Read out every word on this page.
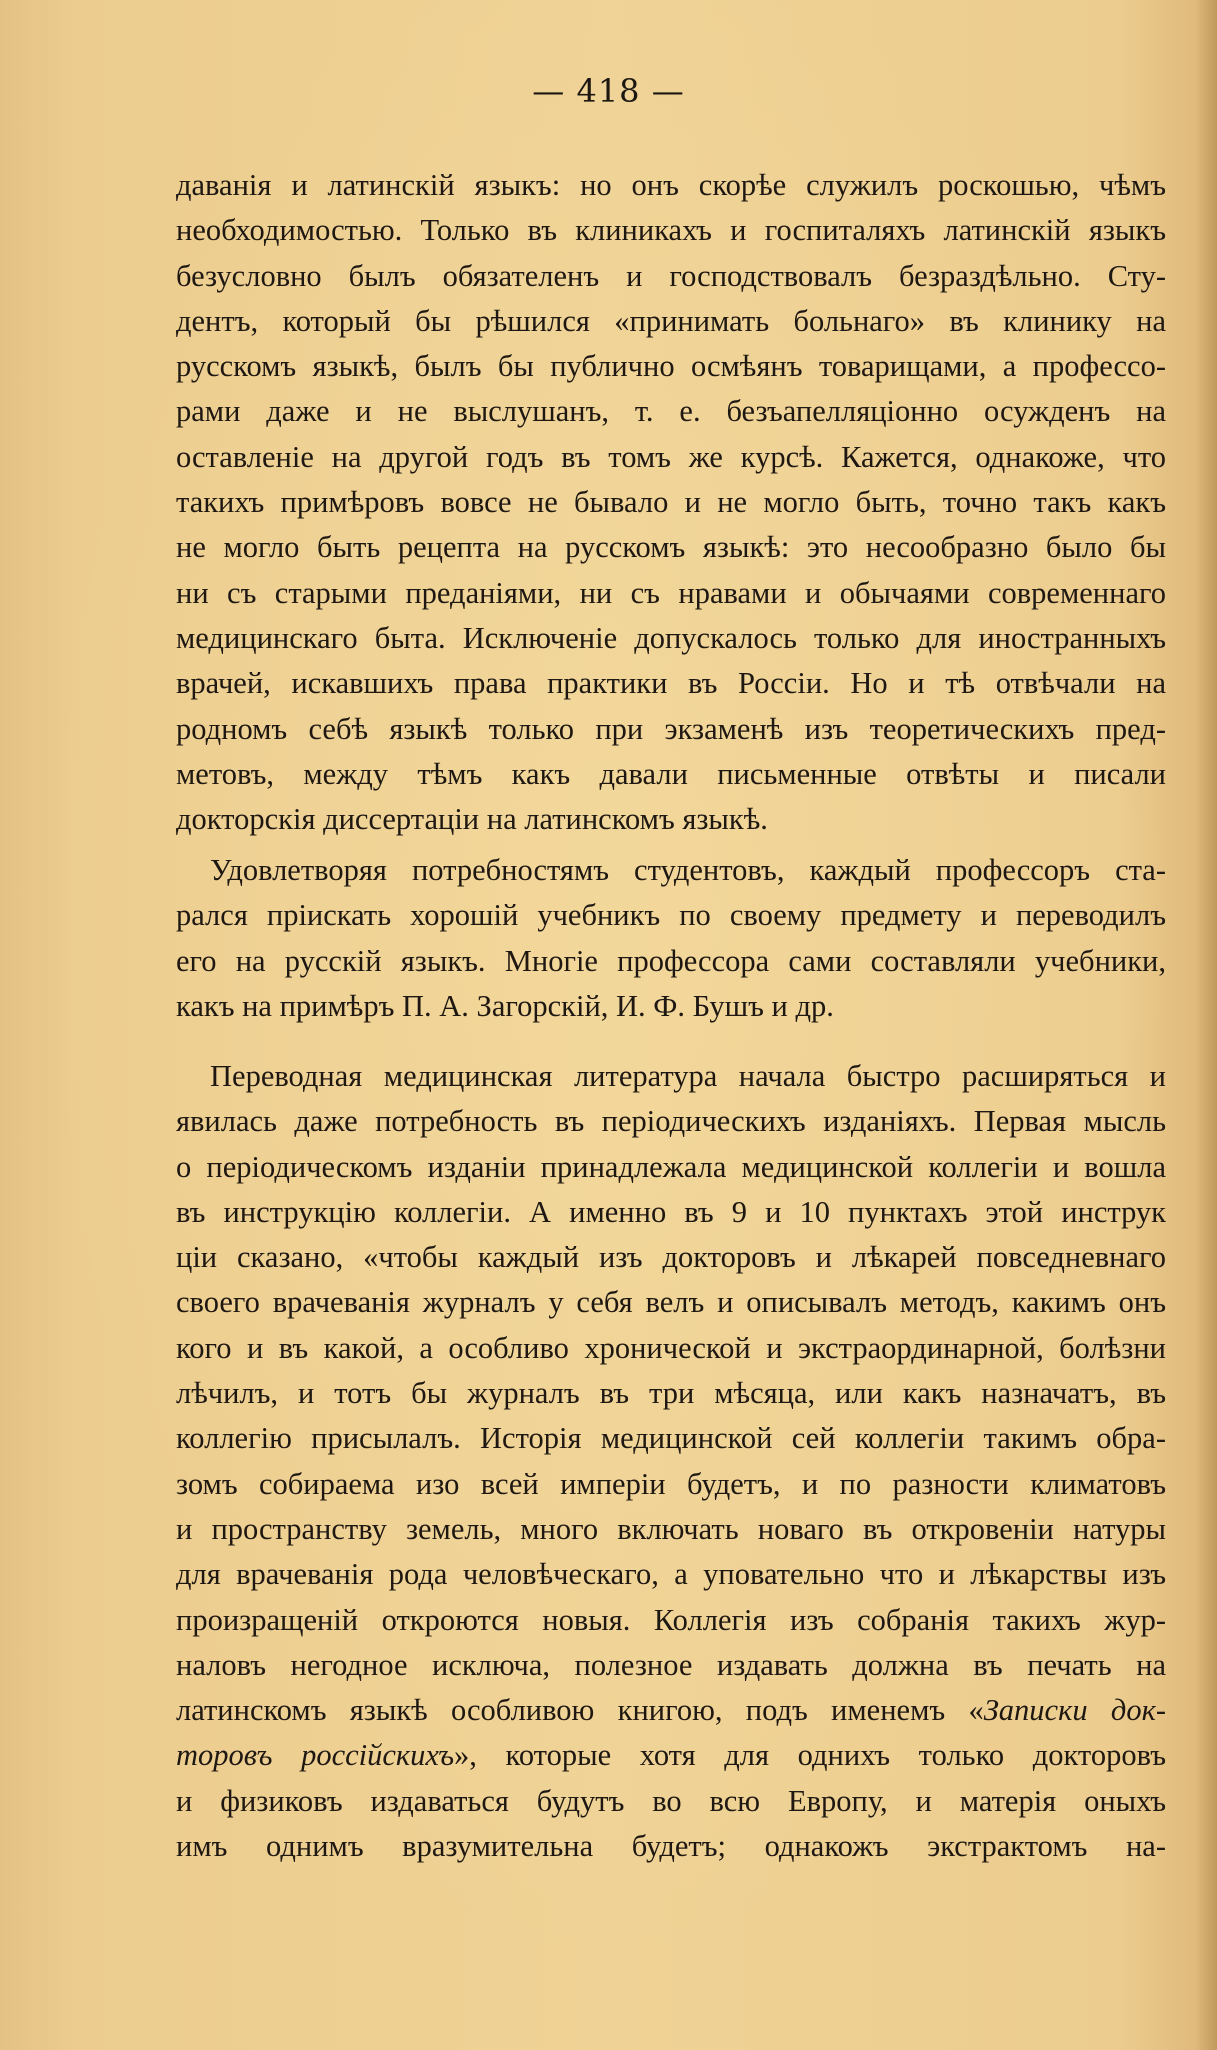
— 418 —
даванія и латинскій языкъ: но онъ скорѣе служилъ роскошью, чѣмъ
необходимостью. Только въ клиникахъ и госпиталяхъ латинскій языкъ
безусловно былъ обязателенъ и господствовалъ безраздѣльно. Сту-
дентъ, который бы рѣшился «принимать больнаго» въ клинику на
русскомъ языкѣ, былъ бы публично осмѣянъ товарищами, а профессо-
рами даже и не выслушанъ, т. е. безъапелляціонно осужденъ на
оставленіе на другой годъ въ томъ же курсѣ. Кажется, однакоже, что
такихъ примѣровъ вовсе не бывало и не могло быть, точно такъ какъ
не могло быть рецепта на русскомъ языкѣ: это несообразно было бы
ни съ старыми преданіями, ни съ нравами и обычаями современнаго
медицинскаго быта. Исключеніе допускалось только для иностранныхъ
врачей, искавшихъ права практики въ Россіи. Но и тѣ отвѣчали на
родномъ себѣ языкѣ только при экзаменѣ изъ теоретическихъ пред-
метовъ, между тѣмъ какъ давали письменные отвѣты и писали
докторскія диссертаціи на латинскомъ языкѣ.
Удовлетворяя потребностямъ студентовъ, каждый профессоръ ста-
рался пріискать хорошій учебникъ по своему предмету и переводилъ
его на русскій языкъ. Многіе профессора сами составляли учебники,
какъ на примѣръ П. А. Загорскій, И. Ф. Бушъ и др.
Переводная медицинская литература начала быстро расширяться и
явилась даже потребность въ періодическихъ изданіяхъ. Первая мысль
о періодическомъ изданіи принадлежала медицинской коллегіи и вошла
въ инструкцію коллегіи. А именно въ 9 и 10 пунктахъ этой инструк
ціи сказано, «чтобы каждый изъ докторовъ и лѣкарей повседневнаго
своего врачеванія журналъ у себя велъ и описывалъ методъ, какимъ онъ
кого и въ какой, а особливо хронической и экстраординарной, болѣзни
лѣчилъ, и тотъ бы журналъ въ три мѣсяца, или какъ назначатъ, въ
коллегію присылалъ. Исторія медицинской сей коллегіи такимъ обра-
зомъ собираема изо всей имперіи будетъ, и по разности климатовъ
и пространству земель, много включать новаго въ откровеніи натуры
для врачеванія рода человѣческаго, а уповательно что и лѣкарствы изъ
произращеній откроются новыя. Коллегія изъ собранія такихъ жур-
наловъ негодное исключа, полезное издавать должна въ печать на
латинскомъ языкѣ особливою книгою, подъ именемъ «Записки док-
торовъ россійскихъ», которые хотя для однихъ только докторовъ
и физиковъ издаваться будутъ во всю Европу, и матерія оныхъ
имъ однимъ вразумительна будетъ; однакожъ экстрактомъ на-
